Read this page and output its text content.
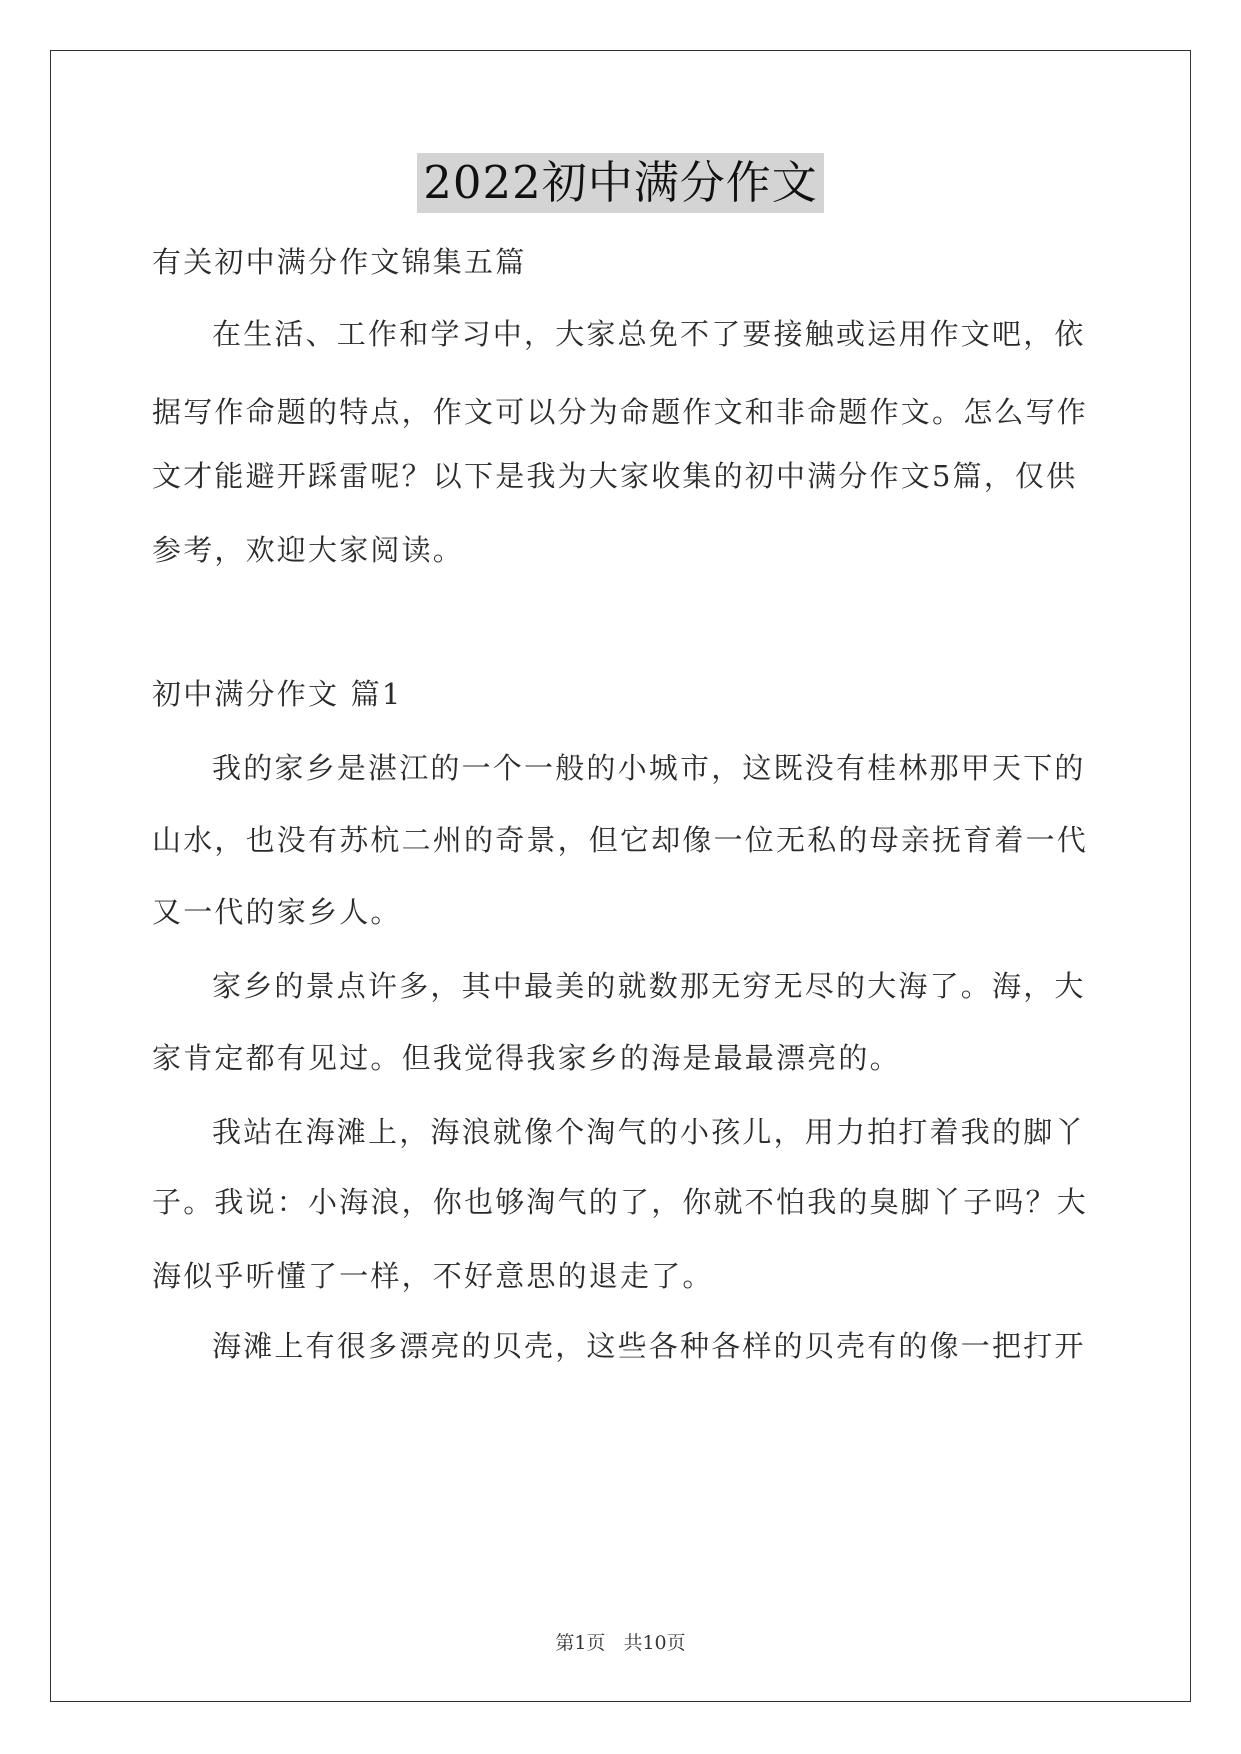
2022初中满分作文
有关初中满分作文锦集五篇
在生活、工作和学习中，大家总免不了要接触或运用作文吧，依
据写作命题的特点，作文可以分为命题作文和非命题作文。怎么写作
文才能避开踩雷呢？以下是我为大家收集的初中满分作文5篇，仅供
参考，欢迎大家阅读。
初中满分作文 篇1
我的家乡是湛江的一个一般的小城市，这既没有桂林那甲天下的
山水，也没有苏杭二州的奇景，但它却像一位无私的母亲抚育着一代
又一代的家乡人。
家乡的景点许多，其中最美的就数那无穷无尽的大海了。海，大
家肯定都有见过。但我觉得我家乡的海是最最漂亮的。
我站在海滩上，海浪就像个淘气的小孩儿，用力拍打着我的脚丫
子。我说：小海浪，你也够淘气的了，你就不怕我的臭脚丫子吗？大
海似乎听懂了一样，不好意思的退走了。
海滩上有很多漂亮的贝壳，这些各种各样的贝壳有的像一把打开
第1页 共10页
